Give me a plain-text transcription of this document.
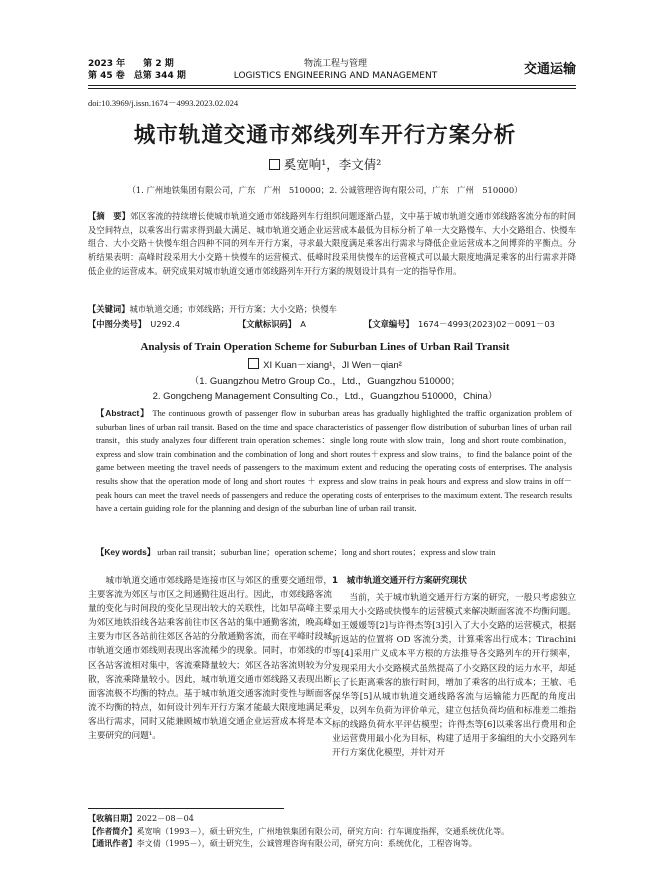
2023 年　　第 2 期
第 45 卷　总第 344 期
物流工程与管理
LOGISTICS ENGINEERING AND MANAGEMENT	交通运输
doi:10.3969/j.issn.1674－4993.2023.02.024
城市轨道交通市郊线列车开行方案分析
奚宽响¹，李文倩²
（1. 广州地铁集团有限公司，广东　广州　510000；2. 公诚管理咨询有限公司，广东　广州　510000）
【摘　要】郊区客流的持续增长使城市轨道交通市郊线路列车行组织问题逐渐凸显，文中基于城市轨道交通市郊线路客流分布的时间及空间特点，以乘客出行需求得到最大满足、城市轨道交通企业运营成本最低为目标分析了单一大交路慢车、大小交路组合、快慢车组合、大小交路＋快慢车组合四种不同的列车开行方案，寻求最大限度满足乘客出行需求与降低企业运营成本之间博弈的平衡点。分析结果表明：高峰时段采用大小交路＋快慢车的运营模式、低峰时段采用快慢车的运营模式可以最大限度地满足乘客的出行需求并降低企业的运营成本。研究成果对城市轨道交通市郊线路列车开行方案的规划设计具有一定的指导作用。
【关键词】城市轨道交通；市郊线路；开行方案；大小交路；快慢车
【中图分类号】　 U292.4	【文献标识码】　 A	【文章编号】　 1674－4993(2023)02－0091－03
Analysis of Train Operation Scheme for Suburban Lines of Urban Rail Transit
XI Kuan－xiang¹，JI Wen－qian²
（1. Guangzhou Metro Group Co.，Ltd.，Guangzhou 510000；
2. Gongcheng Management Consulting Co.，Ltd.，Guangzhou 510000，China）
【Abstract】 The continuous growth of passenger flow in suburban areas has gradually highlighted the traffic organization problem of suburban lines of urban rail transit. Based on the time and space characteristics of passenger flow distribution of suburban lines of urban rail transit，this study analyzes four different train operation schemes：single long route with slow train，long and short route combination，express and slow train combination and the combination of long and short routes＋express and slow trains，to find the balance point of the game between meeting the travel needs of passengers to the maximum extent and reducing the operating costs of enterprises. The analysis results show that the operation mode of long and short routes ＋ express and slow trains in peak hours and express and slow trains in off－peak hours can meet the travel needs of passengers and reduce the operating costs of enterprises to the maximum extent. The research results have a certain guiding role for the planning and design of the suburban line of urban rail transit.
【Key words】 urban rail transit；suburban line；operation scheme；long and short routes；express and slow train
城市轨道交通市郊线路是连接市区与郊区的重要交通纽带，主要客流为郊区与市区之间通勤往返出行。因此，市郊线路客流量的变化与时间段的变化呈现出较大的关联性，比如早高峰主要为郊区地铁沿线各站乘客前往市区各站的集中通勤客流，晚高峰主要为市区各站前往郊区各站的分散通勤客流，而在平峰时段城市轨道交通市郊线则表现出客流稀少的现象。同时，市郊线的市区各站客流相对集中，客流乘降量较大；郊区各站客流则较为分散，客流乘降量较小。因此，城市轨道交通市郊线路又表现出断面客流极不均衡的特点。基于城市轨道交通客流时变性与断面客流不均衡的特点，如何设计列车开行方案才能最大限度地满足乘客出行需求，同时又能兼顾城市轨道交通企业运营成本将是本文主要研究的问题¹。
1　城市轨道交通开行方案研究现状
当前，关于城市轨道交通开行方案的研究，一般只考虑独立采用大小交路或快慢车的运营模式来解决断面客流不均衡问题。如王媛媛等[2]与许得杰等[3]引入了大小交路的运营模式，根据折返站的位置将 OD 客流分类，计算乘客出行成本；Tirachini 等[4]采用广义成本平方根的方法推导各交路列车的开行频率，发现采用大小交路模式虽然提高了小交路区段的运力水平，却延长了长距离乘客的旅行时间，增加了乘客的出行成本；王敏、毛保华等[5]从城市轨道交通线路客流与运输能力匹配的角度出发，以列车负荷为评价单元，建立包括负荷均值和标准差二维指标的线路负荷水平评估模型；许得杰等[6]以乘客出行费用和企业运营费用最小化为目标，构建了适用于多编组的大小交路列车开行方案优化模型，并针对开
【收稿日期】2022－08－04
【作者简介】奚宽响（1993－），硕士研究生，广州地铁集团有限公司，研究方向：行车调度指挥，交通系统优化等。
【通讯作者】李文倩（1995－），硕士研究生，公诚管理咨询有限公司，研究方向：系统优化，工程咨询等。
